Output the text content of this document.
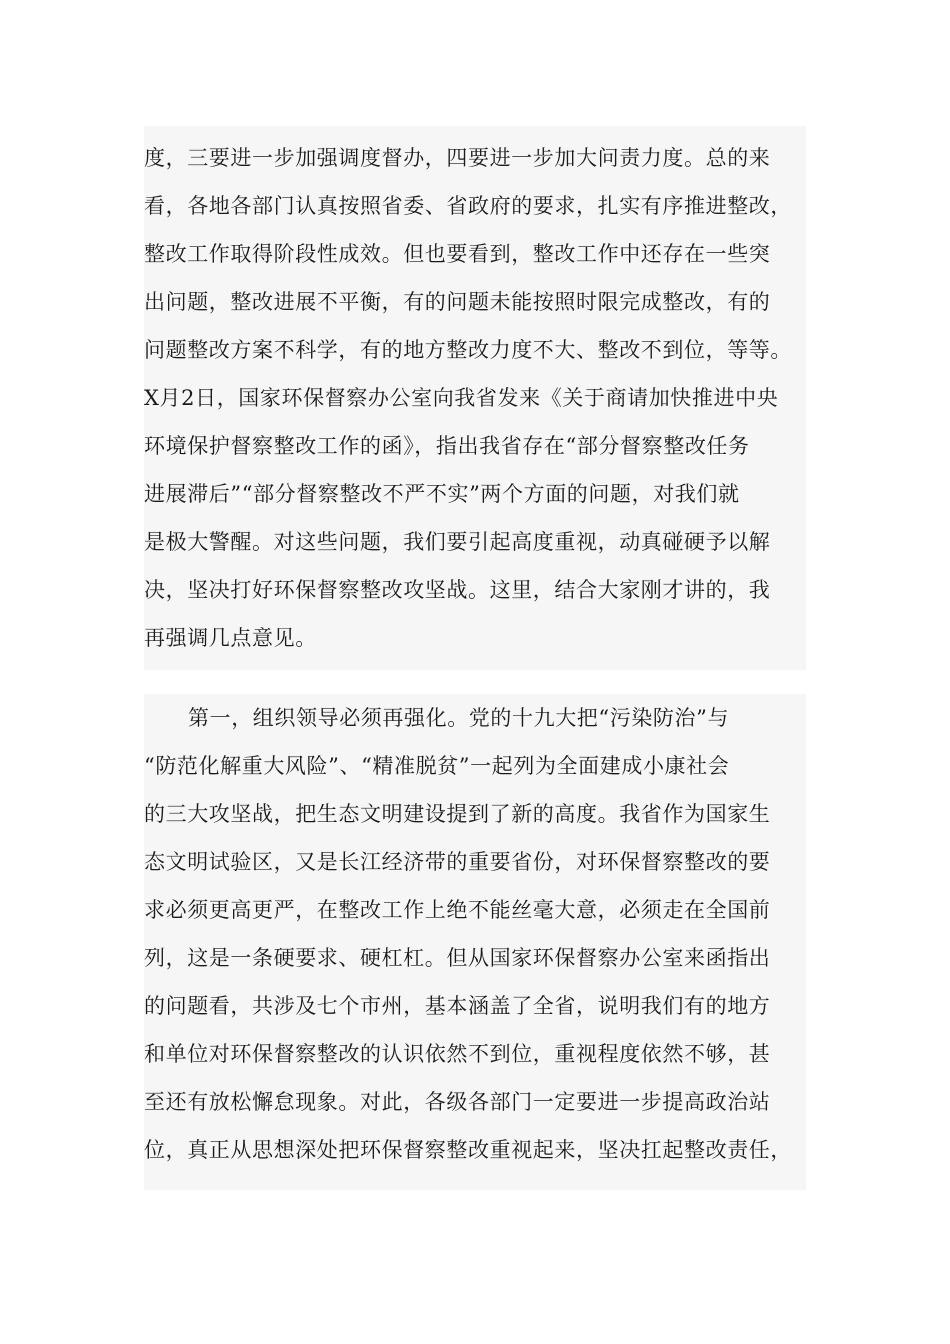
度，三要进一步加强调度督办，四要进一步加大问责力度。总的来
看，各地各部门认真按照省委、省政府的要求，扎实有序推进整改，
整改工作取得阶段性成效。但也要看到，整改工作中还存在一些突
出问题，整改进展不平衡，有的问题未能按照时限完成整改，有的
问题整改方案不科学，有的地方整改力度不大、整改不到位，等等。
X月2日，国家环保督察办公室向我省发来《关于商请加快推进中央
环境保护督察整改工作的函》，指出我省存在“部分督察整改任务
进展滞后”“部分督察整改不严不实”两个方面的问题，对我们就
是极大警醒。对这些问题，我们要引起高度重视，动真碰硬予以解
决，坚决打好环保督察整改攻坚战。这里，结合大家刚才讲的，我
再强调几点意见。
第一，组织领导必须再强化。党的十九大把“污染防治”与
“防范化解重大风险”、“精准脱贫”一起列为全面建成小康社会
的三大攻坚战，把生态文明建设提到了新的高度。我省作为国家生
态文明试验区，又是长江经济带的重要省份，对环保督察整改的要
求必须更高更严，在整改工作上绝不能丝毫大意，必须走在全国前
列，这是一条硬要求、硬杠杠。但从国家环保督察办公室来函指出
的问题看，共涉及七个市州，基本涵盖了全省，说明我们有的地方
和单位对环保督察整改的认识依然不到位，重视程度依然不够，甚
至还有放松懈怠现象。对此，各级各部门一定要进一步提高政治站
位，真正从思想深处把环保督察整改重视起来，坚决扛起整改责任，
